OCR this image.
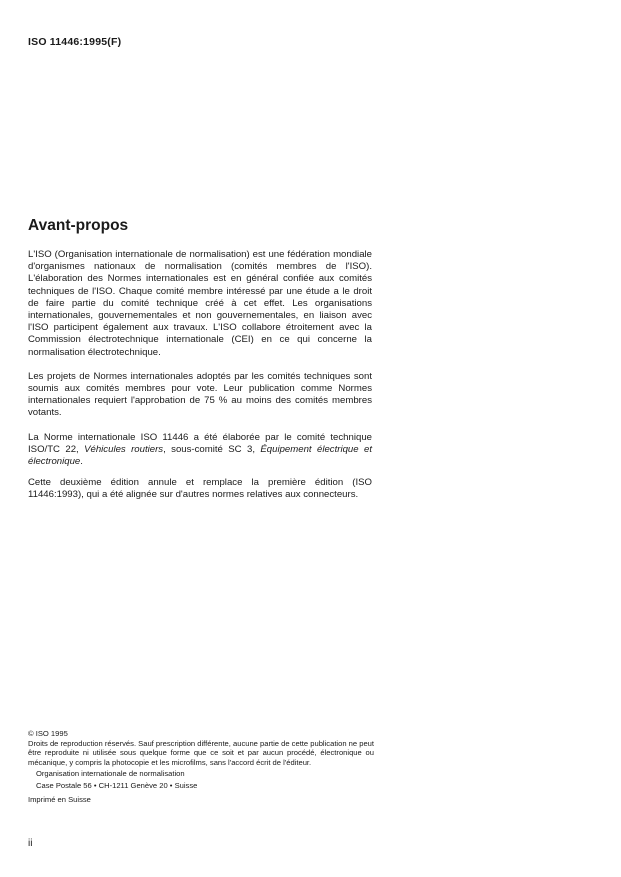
ISO 11446:1995(F)
Avant-propos

L'ISO (Organisation internationale de normalisation) est une fédération mondiale d'organismes nationaux de normalisation (comités membres de l'ISO). L'élaboration des Normes internationales est en général confiée aux comités techniques de l'ISO. Chaque comité membre intéressé par une étude a le droit de faire partie du comité technique créé à cet effet. Les organisations internationales, gouvernementales et non gouvernementales, en liaison avec l'ISO participent également aux travaux. L'ISO collabore étroitement avec la Commission électrotechnique internationale (CEI) en ce qui concerne la normalisation électrotechnique.

Les projets de Normes internationales adoptés par les comités techniques sont soumis aux comités membres pour vote. Leur publication comme Normes internationales requiert l'approbation de 75 % au moins des comités membres votants.

La Norme internationale ISO 11446 a été élaborée par le comité technique ISO/TC 22, Véhicules routiers, sous-comité SC 3, Équipement électrique et électronique.

Cette deuxième édition annule et remplace la première édition (ISO 11446:1993), qui a été alignée sur d'autres normes relatives aux connecteurs.

© ISO 1995
Droits de reproduction réservés. Sauf prescription différente, aucune partie de cette publication ne peut être reproduite ni utilisée sous quelque forme que ce soit et par aucun procédé, électronique ou mécanique, y compris la photocopie et les microfilms, sans l'accord écrit de l'éditeur.
Organisation internationale de normalisation
Case Postale 56 • CH-1211 Genève 20 • Suisse
Imprimé en Suisse
ii
